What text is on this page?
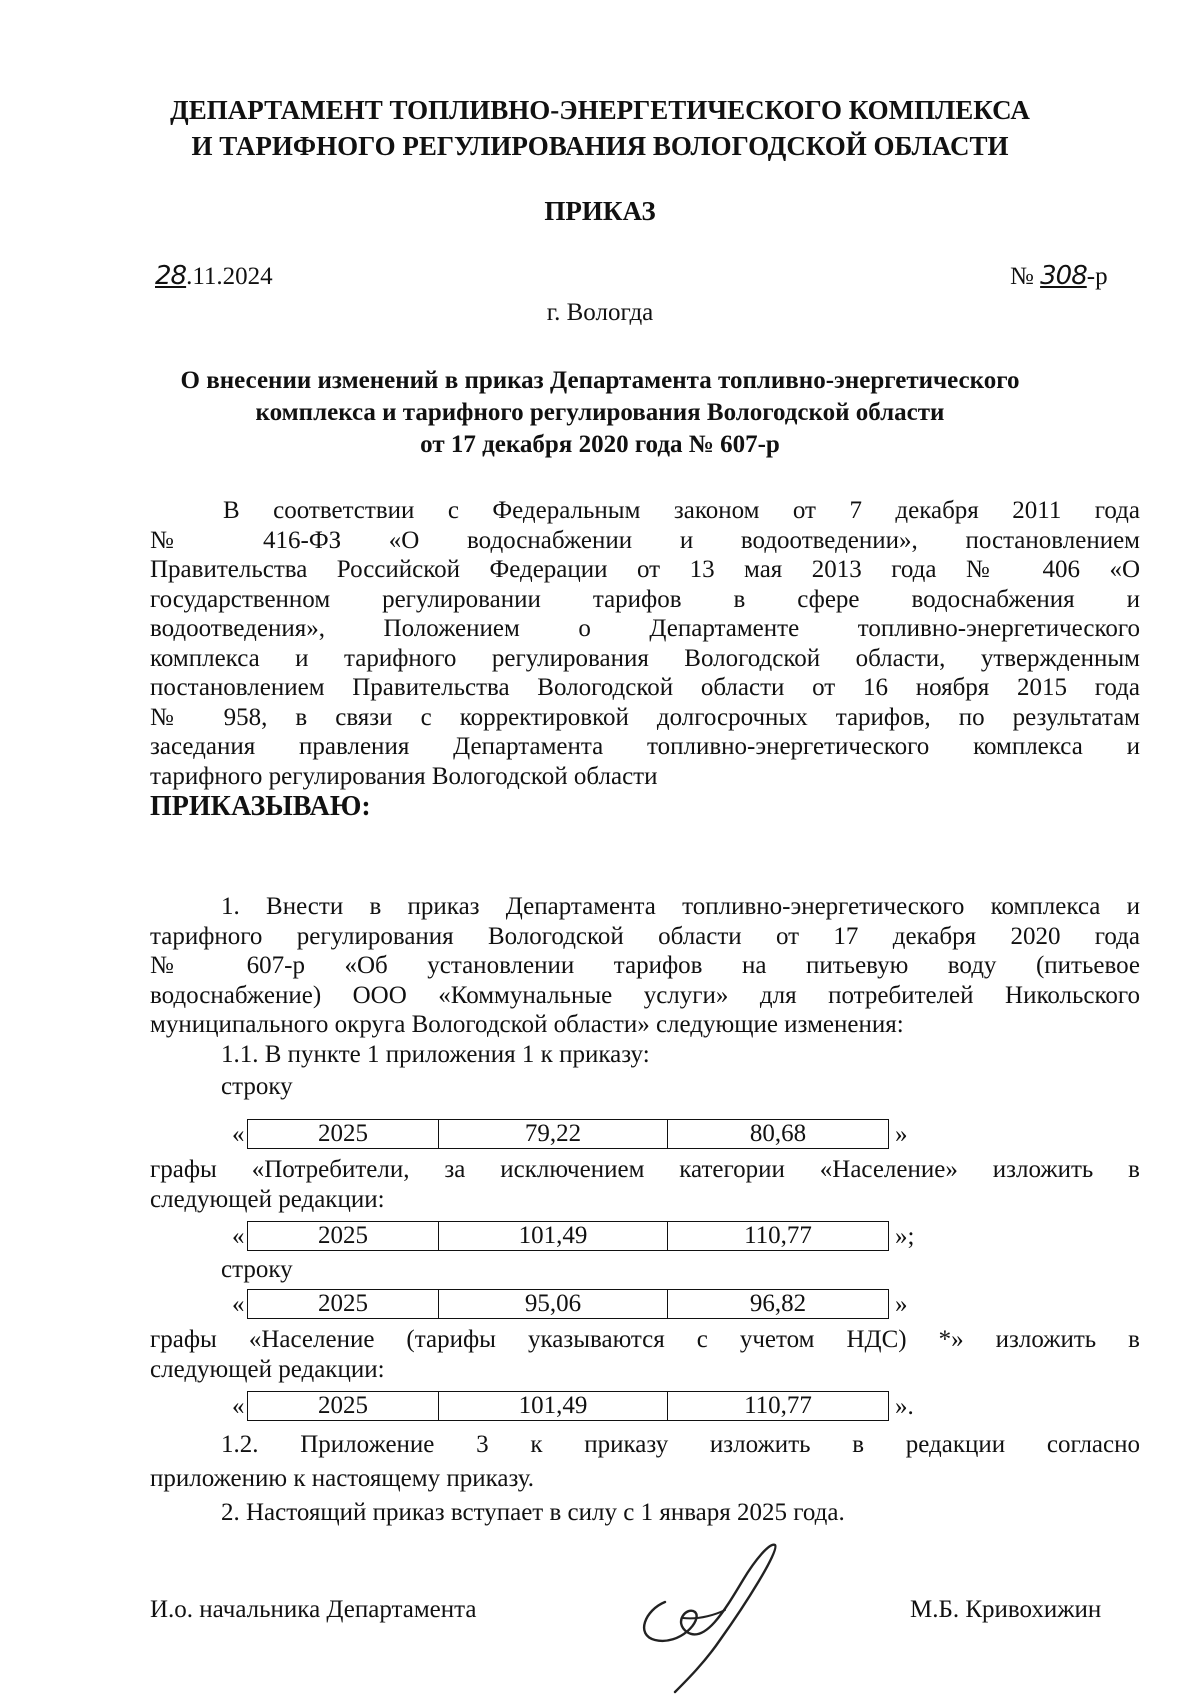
ДЕПАРТАМЕНТ ТОПЛИВНО-ЭНЕРГЕТИЧЕСКОГО КОМПЛЕКСА
И ТАРИФНОГО РЕГУЛИРОВАНИЯ ВОЛОГОДСКОЙ ОБЛАСТИ
ПРИКАЗ
28.11.2024	№ 308-р
г. Вологда
О внесении изменений в приказ Департамента топливно-энергетического
комплекса и тарифного регулирования Вологодской области
от 17 декабря 2020 года № 607-р
В соответствии с Федеральным законом от 7 декабря 2011 года
№ 416-ФЗ «О водоснабжении и водоотведении», постановлением
Правительства Российской Федерации от 13 мая 2013 года № 406 «О
государственном регулировании тарифов в сфере водоснабжения и
водоотведения», Положением о Департаменте топливно-энергетического
комплекса и тарифного регулирования Вологодской области, утвержденным
постановлением Правительства Вологодской области от 16 ноября 2015 года
№ 958, в связи с корректировкой долгосрочных тарифов, по результатам
заседания правления Департамента топливно-энергетического комплекса и
тарифного регулирования Вологодской области
ПРИКАЗЫВАЮ:
1. Внести в приказ Департамента топливно-энергетического комплекса и
тарифного регулирования Вологодской области от 17 декабря 2020 года
№ 607-р «Об установлении тарифов на питьевую воду (питьевое
водоснабжение) ООО «Коммунальные услуги» для потребителей Никольского
муниципального округа Вологодской области» следующие изменения:
1.1. В пункте 1 приложения 1 к приказу:
строку
«	2025	79,22	80,68	»
графы «Потребители, за исключением категории «Население» изложить в
следующей редакции:
«	2025	101,49	110,77	»;
строку
«	2025	95,06	96,82	»
графы «Население (тарифы указываются с учетом НДС) *» изложить в
следующей редакции:
«	2025	101,49	110,77	».
1.2. Приложение 3 к приказу изложить в редакции согласно
приложению к настоящему приказу.
2. Настоящий приказ вступает в силу с 1 января 2025 года.
И.о. начальника Департамента	М.Б. Кривохижин
